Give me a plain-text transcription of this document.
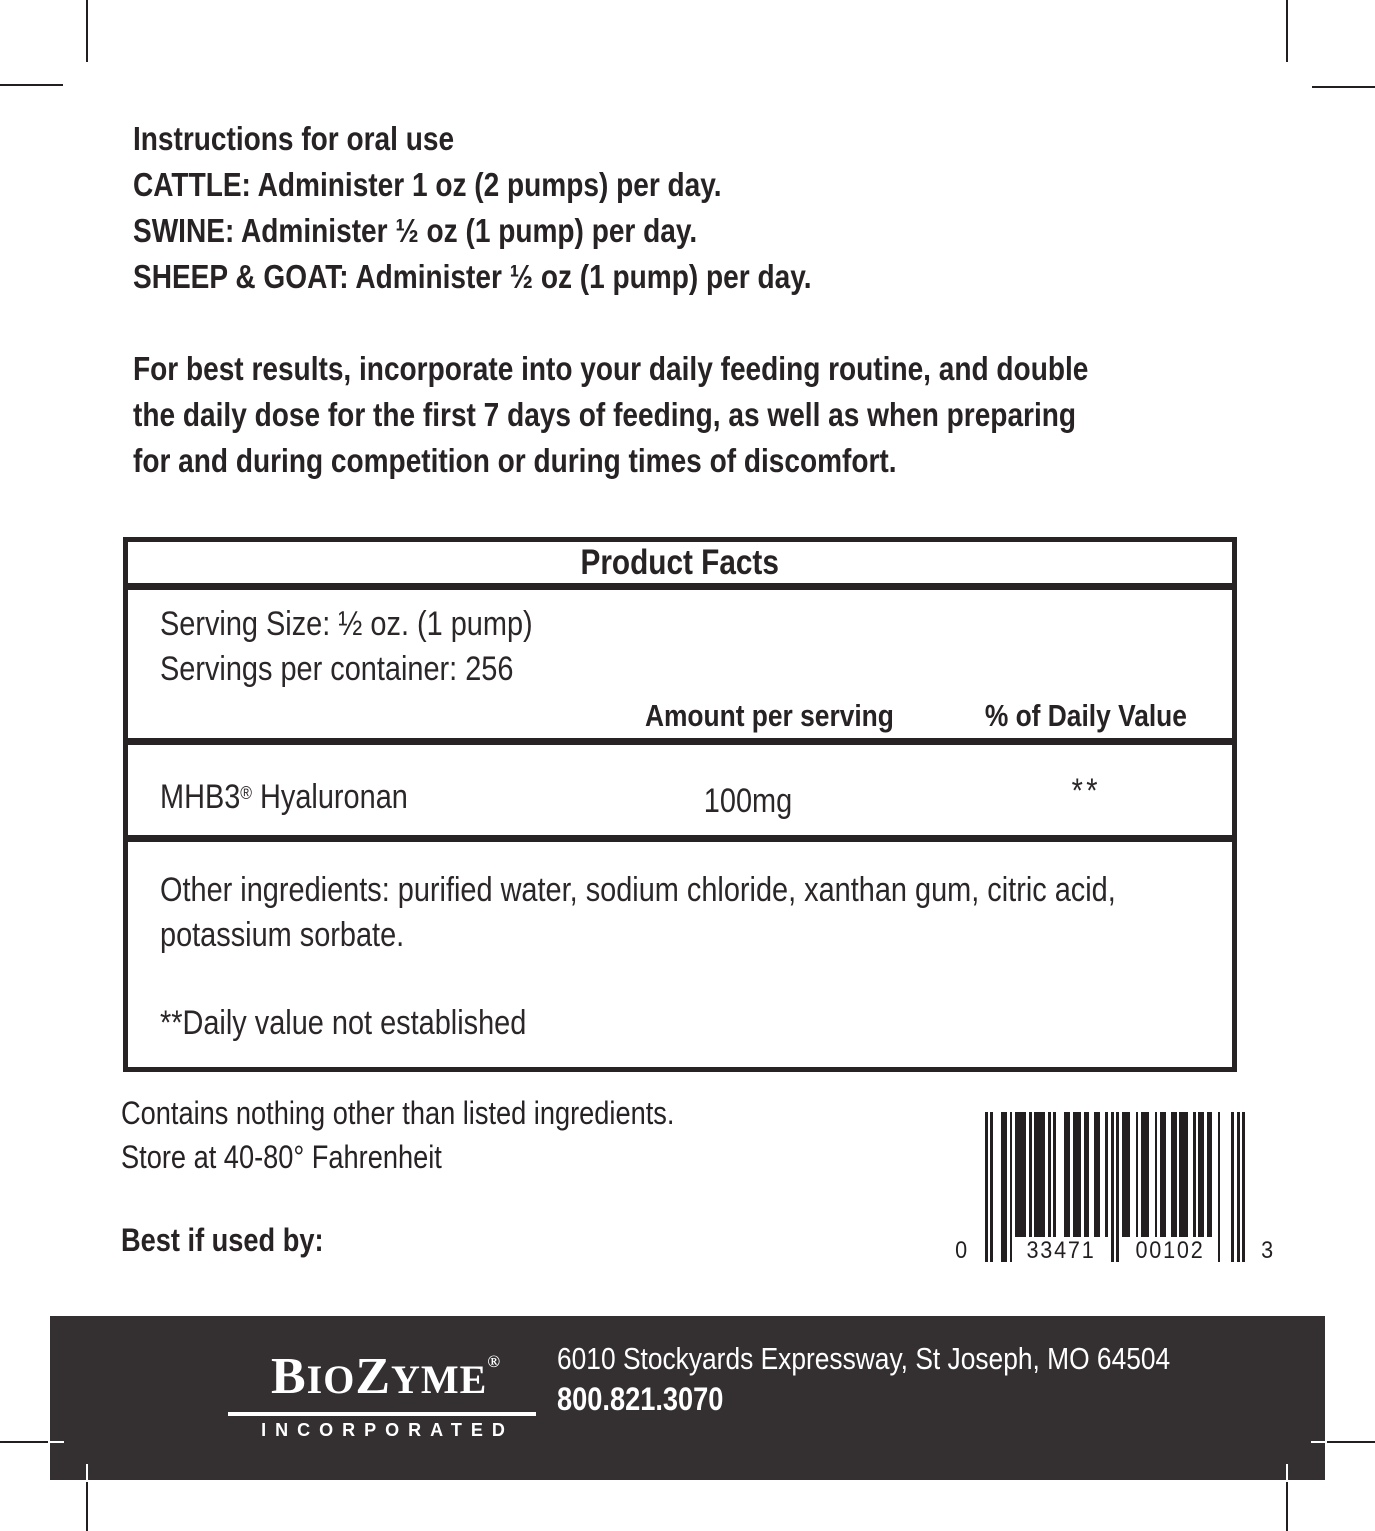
Instructions for oral use
CATTLE: Administer 1 oz (2 pumps) per day.
SWINE: Administer ½ oz (1 pump) per day.
SHEEP & GOAT: Administer ½ oz (1 pump) per day.
For best results, incorporate into your daily feeding routine, and double
the daily dose for the first 7 days of feeding, as well as when preparing
for and during competition or during times of discomfort.
Product Facts
Serving Size: ½ oz. (1 pump)
Servings per container: 256
Amount per serving	% of Daily Value
MHB3® Hyaluronan	100mg	**
Other ingredients: purified water, sodium chloride, xanthan gum, citric acid,
potassium sorbate.
**Daily value not established
Contains nothing other than listed ingredients.
Store at 40-80° Fahrenheit
Best if used by:	0	33471	00102	3
BIOZYME®
INCORPORATED
6010 Stockyards Expressway, St Joseph, MO 64504
800.821.3070
